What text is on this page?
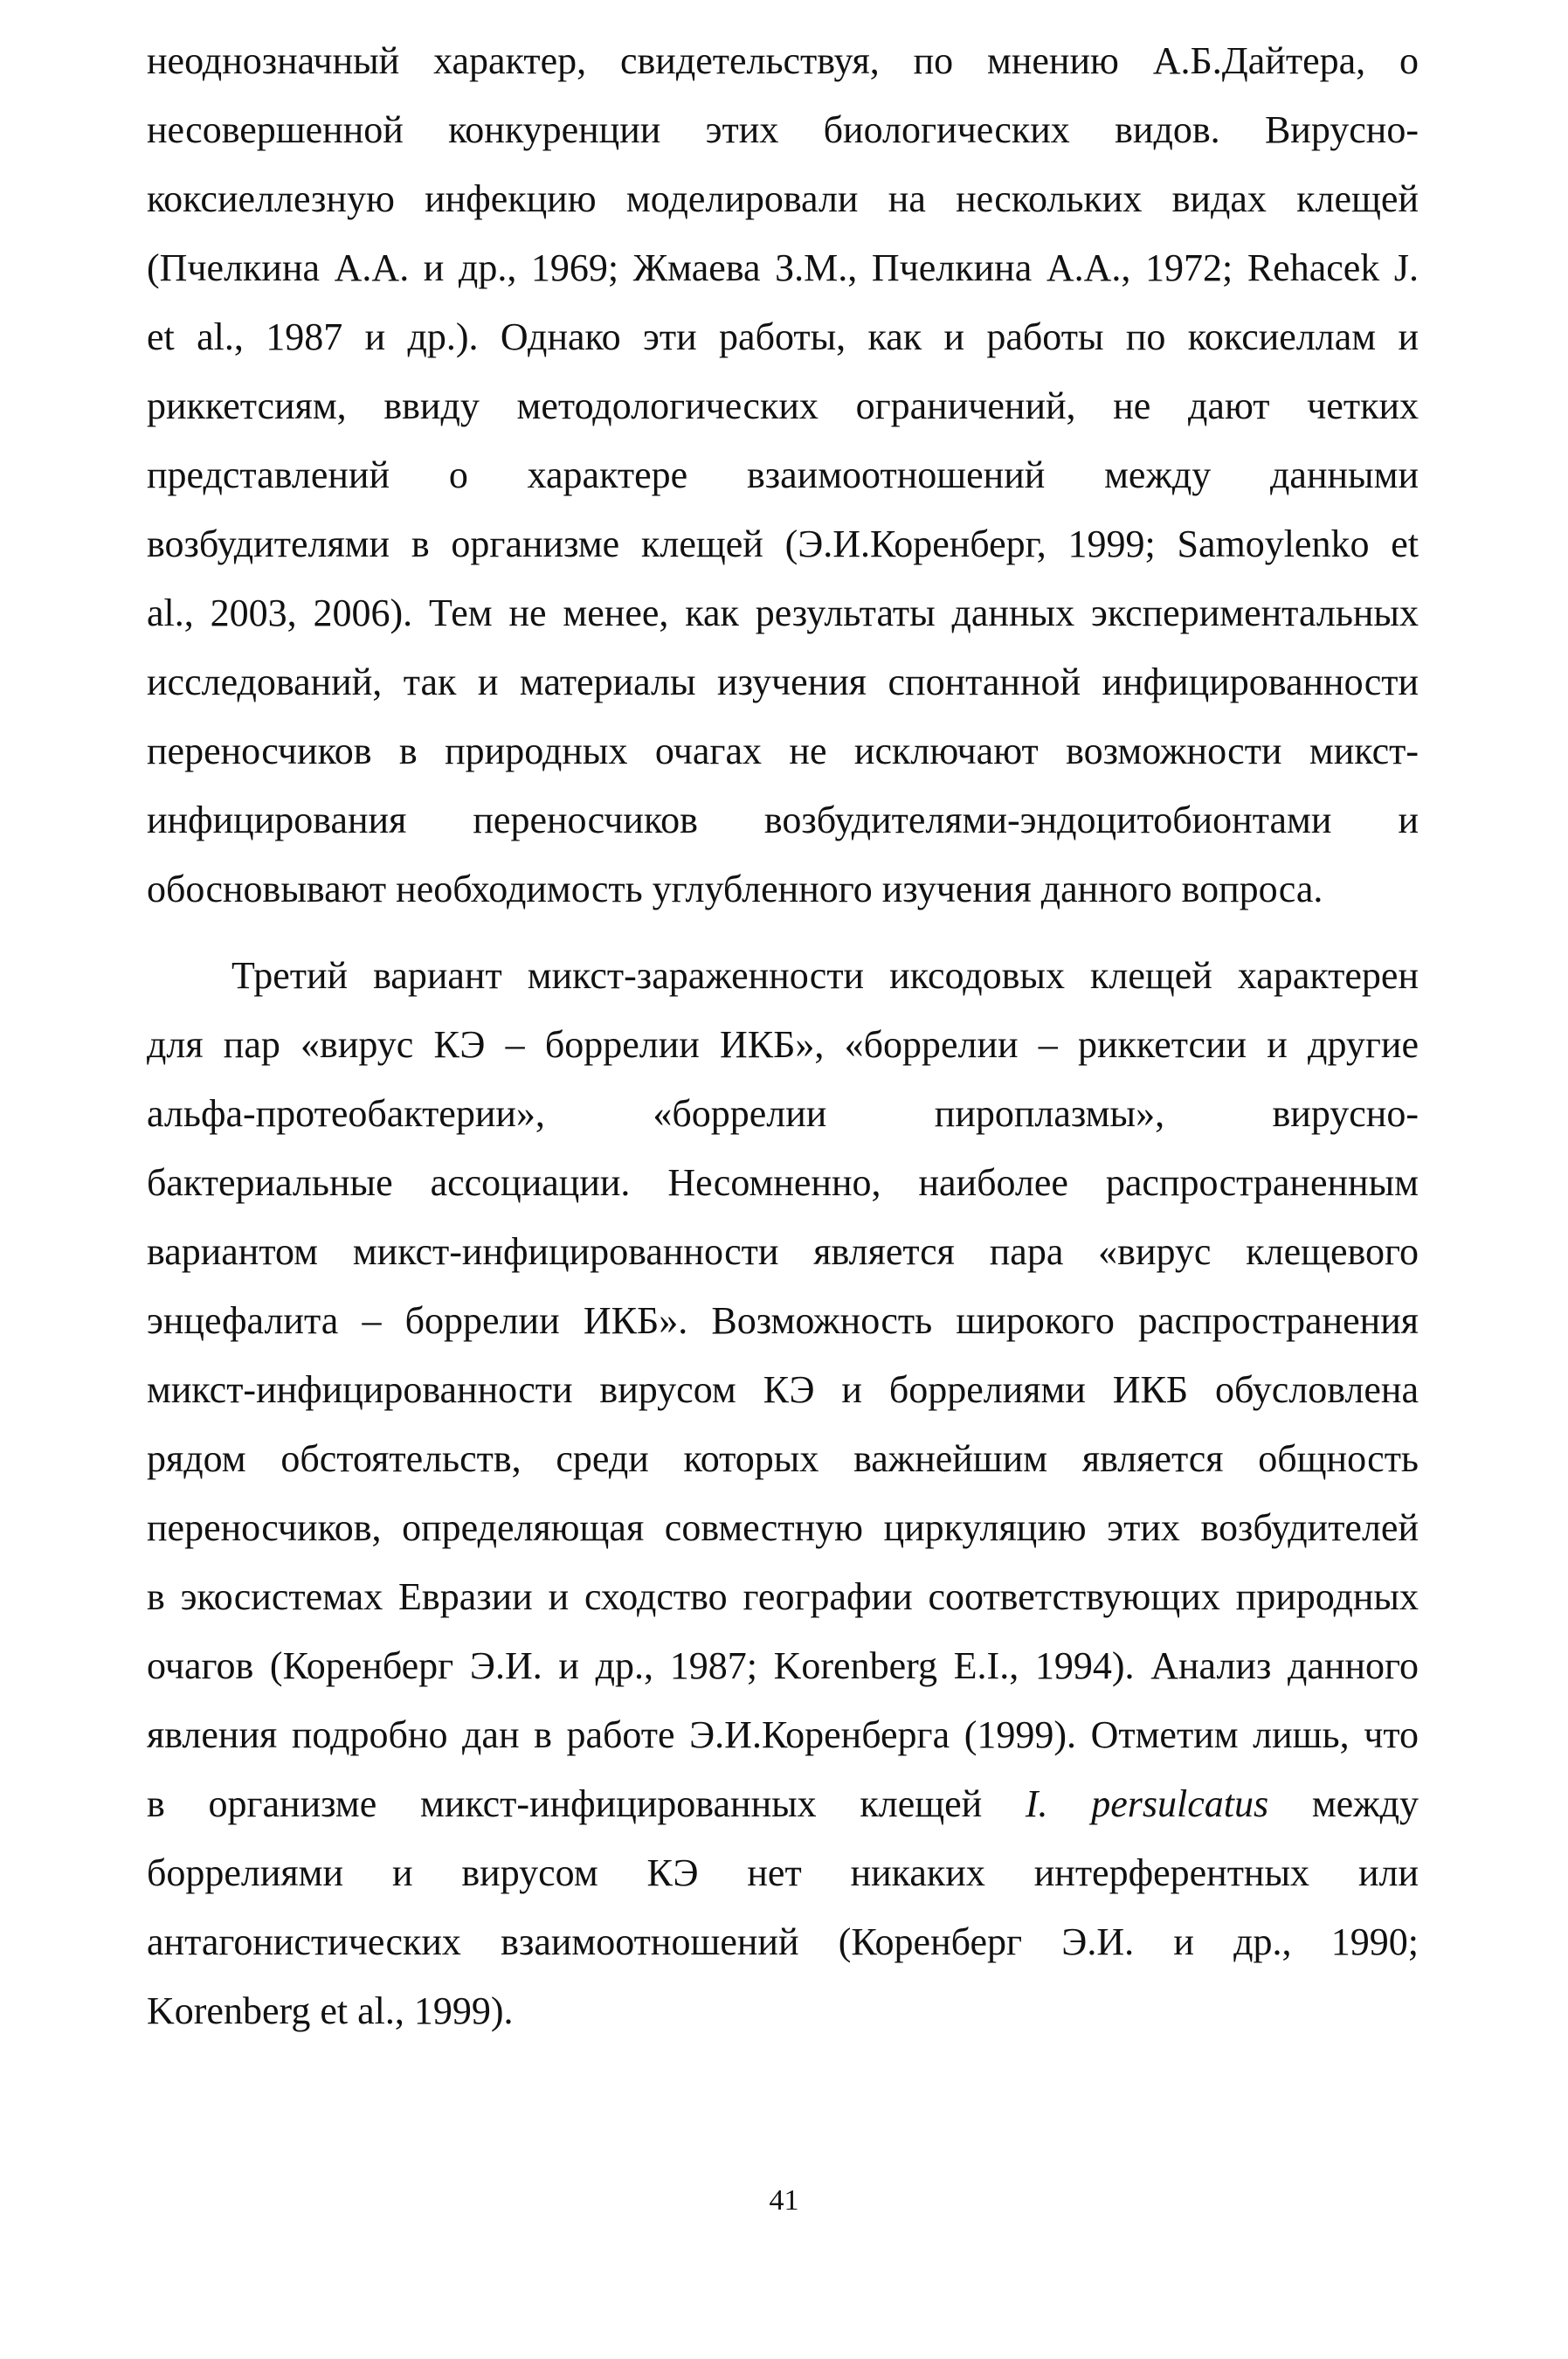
неоднозначный характер, свидетельствуя, по мнению А.Б.Дайтера, о
несовершенной конкуренции этих биологических видов. Вирусно-
коксиеллезную инфекцию моделировали на нескольких видах клещей
(Пчелкина А.А. и др., 1969; Жмаева З.М., Пчелкина А.А., 1972; Rehacek J.
et al., 1987 и др.). Однако эти работы, как и работы по коксиеллам и
риккетсиям, ввиду методологических ограничений, не дают четких
представлений о характере взаимоотношений между данными
возбудителями в организме клещей (Э.И.Коренберг, 1999; Samoylenko et
al., 2003, 2006). Тем не менее, как результаты данных экспериментальных
исследований, так и материалы изучения спонтанной инфицированности
переносчиков в природных очагах не исключают возможности микст-
инфицирования переносчиков возбудителями-эндоцитобионтами и
обосновывают необходимость углубленного изучения данного вопроса.
Третий вариант микст-зараженности иксодовых клещей характерен
для пар «вирус КЭ – боррелии ИКБ», «боррелии – риккетсии и другие
альфа-протеобактерии», «боррелии пироплазмы», вирусно-
бактериальные ассоциации. Несомненно, наиболее распространенным
вариантом микст-инфицированности является пара «вирус клещевого
энцефалита – боррелии ИКБ». Возможность широкого распространения
микст-инфицированности вирусом КЭ и боррелиями ИКБ обусловлена
рядом обстоятельств, среди которых важнейшим является общность
переносчиков, определяющая совместную циркуляцию этих возбудителей
в экосистемах Евразии и сходство географии соответствующих природных
очагов (Коренберг Э.И. и др., 1987; Korenberg E.I., 1994). Анализ данного
явления подробно дан в работе Э.И.Коренберга (1999). Отметим лишь, что
в организме микст-инфицированных клещей I. persulcatus между
боррелиями и вирусом КЭ нет никаких интерферентных или
антагонистических взаимоотношений (Коренберг Э.И. и др., 1990;
Korenberg et al., 1999).
41
